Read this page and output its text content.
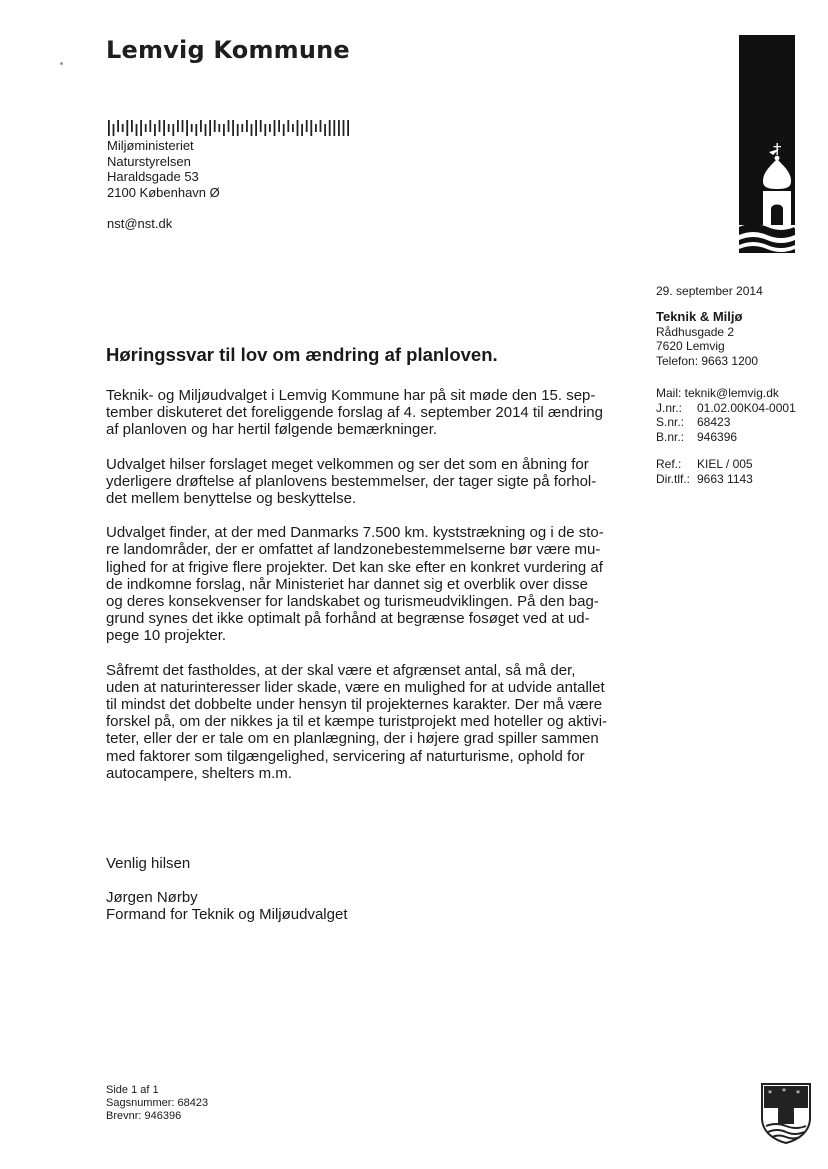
Lemvig Kommune
Miljøministeriet
Naturstyrelsen
Haraldsgade 53
2100 København Ø
nst@nst.dk
29. september 2014
Teknik & Miljø
Rådhusgade 2
7620 Lemvig
Telefon: 9663 1200
Mail: teknik@lemvig.dk
J.nr.:	01.02.00K04-0001
S.nr.:	68423
B.nr.:	946396
Ref.:	KIEL / 005
Dir.tlf.: 9663 1143
Høringssvar til lov om ændring af planloven.

Teknik- og Miljøudvalget i Lemvig Kommune har på sit møde den 15. sep-
tember diskuteret det foreliggende forslag af 4. september 2014 til ændring
af planloven og har hertil følgende bemærkninger.

Udvalget hilser forslaget meget velkommen og ser det som en åbning for
yderligere drøftelse af planlovens bestemmelser, der tager sigte på forhol-
det mellem benyttelse og beskyttelse.

Udvalget finder, at der med Danmarks 7.500 km. kyststrækning og i de sto-
re landområder, der er omfattet af landzonebestemmelserne bør være mu-
lighed for at frigive flere projekter. Det kan ske efter en konkret vurdering af
de indkomne forslag, når Ministeriet har dannet sig et overblik over disse
og deres konsekvenser for landskabet og turismeudviklingen. På den bag-
grund synes det ikke optimalt på forhånd at begrænse fosøget ved at ud-
pege 10 projekter.

Såfremt det fastholdes, at der skal være et afgrænset antal, så må der,
uden at naturinteresser lider skade, være en mulighed for at udvide antallet
til mindst det dobbelte under hensyn til projekternes karakter. Der må være
forskel på, om der nikkes ja til et kæmpe turistprojekt med hoteller og aktivi-
teter, eller der er tale om en planlægning, der i højere grad spiller sammen
med faktorer som tilgængelighed, servicering af naturturisme, ophold for
autocampere, shelters m.m.

Venlig hilsen

Jørgen Nørby
Formand for Teknik og Miljøudvalget
Side 1 af 1
Sagsnummer: 68423
Brevnr: 946396
* * *
